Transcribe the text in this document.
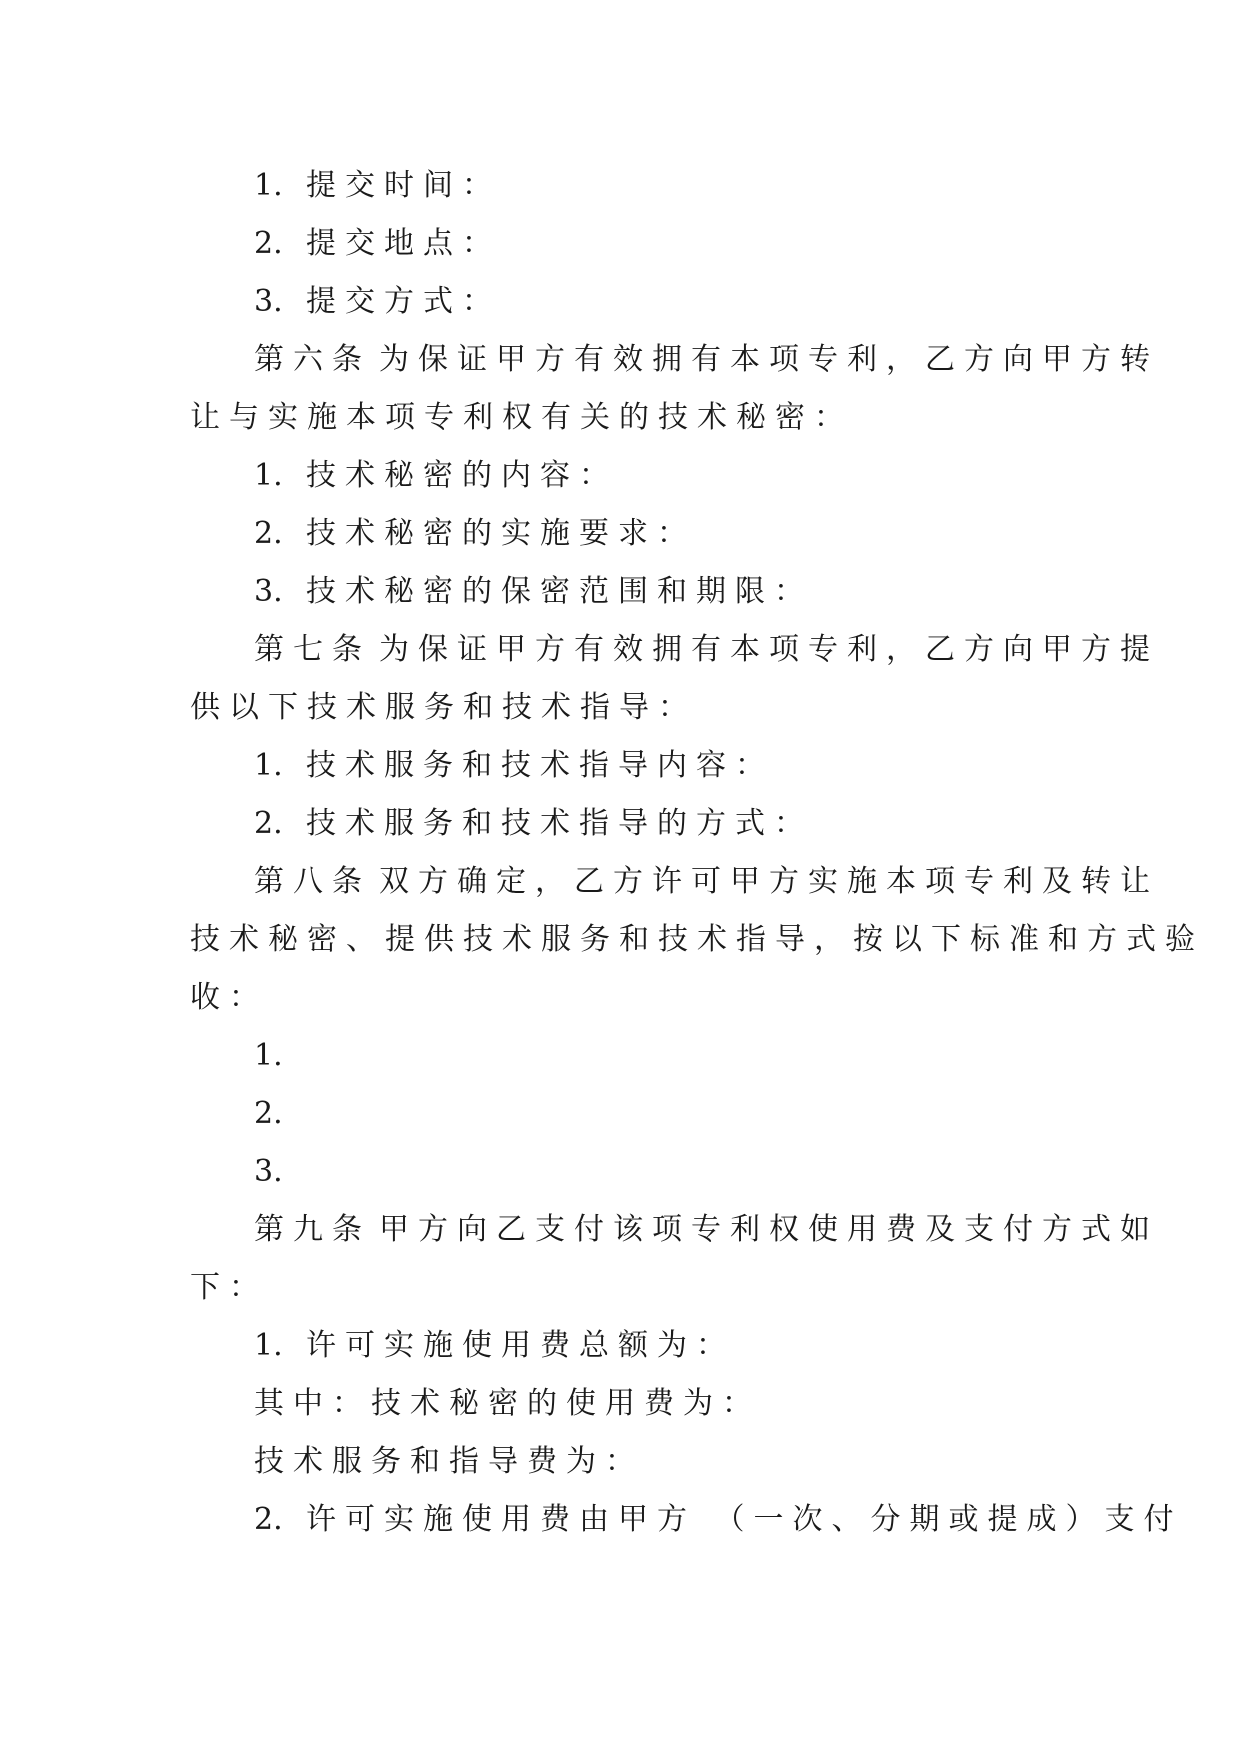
1. 提交时间：

2. 提交地点：

3. 提交方式：

第六条 为保证甲方有效拥有本项专利，乙方向甲方转

让与实施本项专利权有关的技术秘密：

1. 技术秘密的内容：

2. 技术秘密的实施要求：

3. 技术秘密的保密范围和期限：

第七条 为保证甲方有效拥有本项专利，乙方向甲方提

供以下技术服务和技术指导：

1. 技术服务和技术指导内容：

2. 技术服务和技术指导的方式：

第八条 双方确定，乙方许可甲方实施本项专利及转让

技术秘密、提供技术服务和技术指导，按以下标准和方式验

收：

1.

2.

3.

第九条 甲方向乙支付该项专利权使用费及支付方式如

下：

1. 许可实施使用费总额为：

其中：技术秘密的使用费为：

技术服务和指导费为：

2. 许可实施使用费由甲方 （一次、分期或提成）支付
